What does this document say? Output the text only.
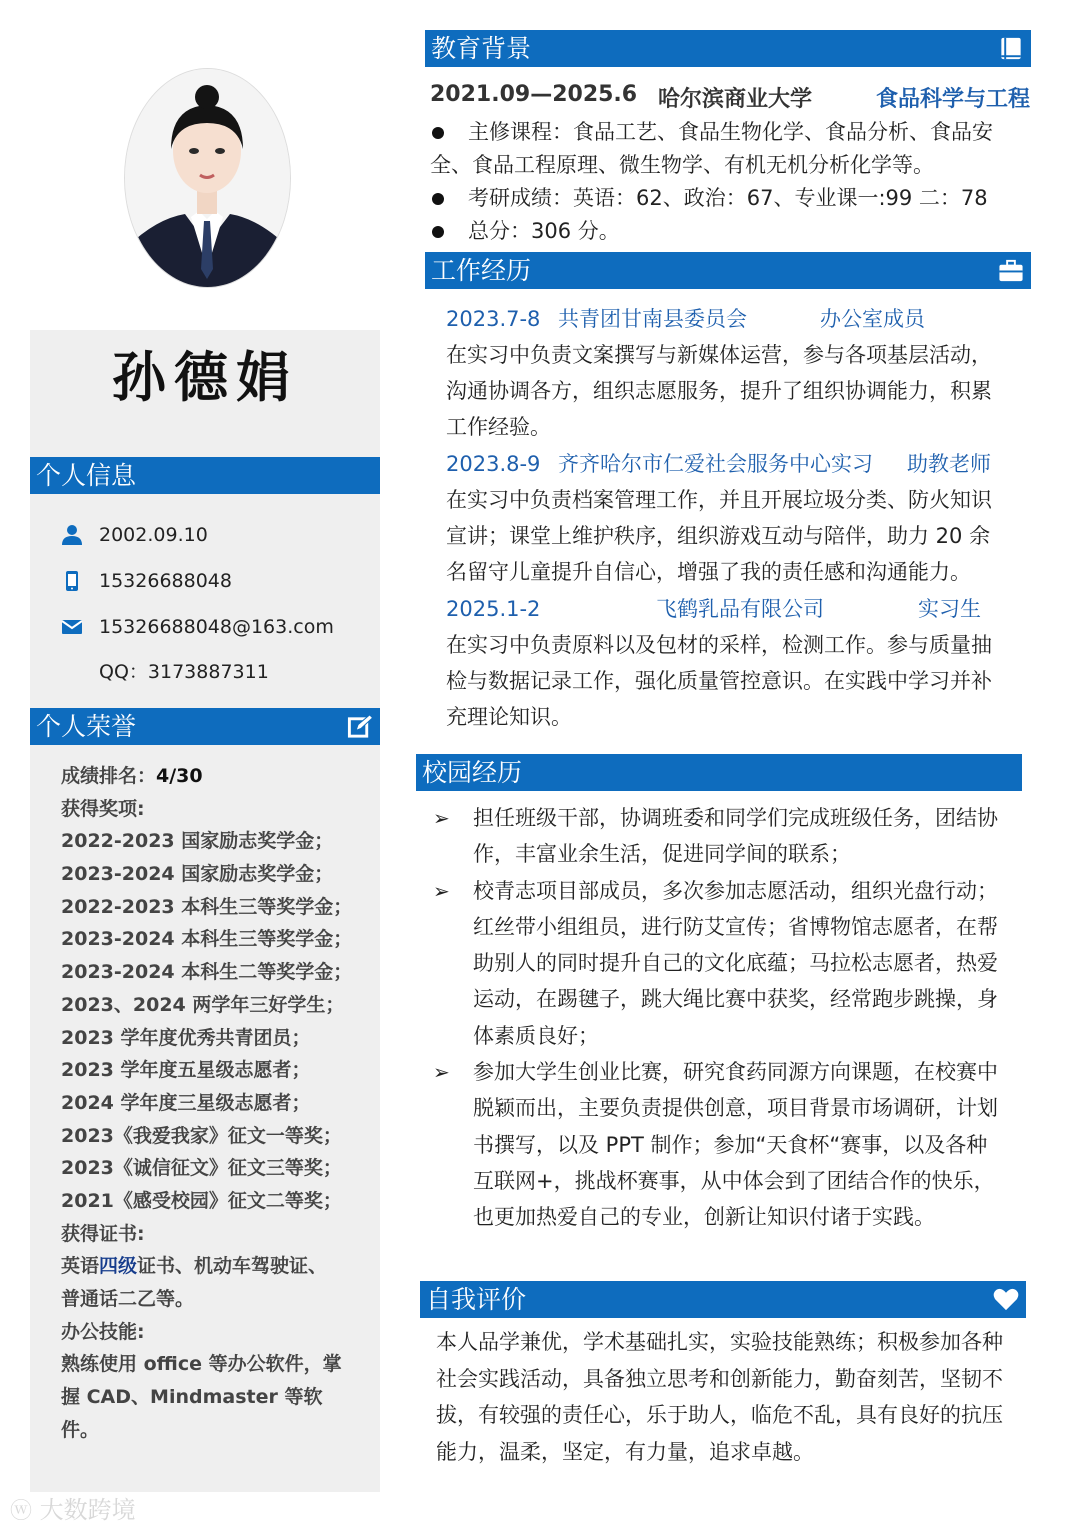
孙德娟
个人信息
2002.09.10
15326688048
15326688048@163.com
QQ：3173887311
个人荣誉
成绩排名：4/30
获得奖项:
2022-2023 国家励志奖学金；
2023-2024 国家励志奖学金；
2022-2023 本科生三等奖学金；
2023-2024 本科生三等奖学金；
2023-2024 本科生二等奖学金；
2023、2024 两学年三好学生；
2023 学年度优秀共青团员；
2023 学年度五星级志愿者；
2024 学年度三星级志愿者；
2023《我爱我家》征文一等奖；
2023《诚信征文》征文三等奖；
2021《感受校园》征文二等奖；
获得证书:
英语四级证书、机动车驾驶证、普通话二乙等。
办公技能:
熟练使用 office 等办公软件，掌握 CAD、Mindmaster 等软件。
教育背景
2021.09—2025.6 哈尔滨商业大学	食品科学与工程
主修课程：食品工艺、食品生物化学、食品分析、食品安全、食品工程原理、微生物学、有机无机分析化学等。
考研成绩：英语：62、政治：67、专业课一:99 二：78
总分：306 分。
工作经历
2023.7-8 共青团甘南县委员会	办公室成员
在实习中负责文案撰写与新媒体运营，参与各项基层活动，沟通协调各方，组织志愿服务，提升了组织协调能力，积累工作经验。
2023.8-9 齐齐哈尔市仁爱社会服务中心实习 助教老师
在实习中负责档案管理工作，并且开展垃圾分类、防火知识宣讲；课堂上维护秩序，组织游戏互动与陪伴，助力 20 余名留守儿童提升自信心，增强了我的责任感和沟通能力。
2025.1-2	飞鹤乳品有限公司	实习生
在实习中负责原料以及包材的采样，检测工作。参与质量抽检与数据记录工作，强化质量管控意识。在实践中学习并补充理论知识。
校园经历
➢ 担任班级干部，协调班委和同学们完成班级任务，团结协作，丰富业余生活，促进同学间的联系；
➢ 校青志项目部成员，多次参加志愿活动，组织光盘行动；红丝带小组组员，进行防艾宣传；省博物馆志愿者，在帮助别人的同时提升自己的文化底蕴；马拉松志愿者，热爱运动，在踢毽子，跳大绳比赛中获奖，经常跑步跳操，身体素质良好；
➢ 参加大学生创业比赛，研究食药同源方向课题，在校赛中脱颖而出，主要负责提供创意，项目背景市场调研，计划书撰写，以及 PPT 制作；参加“天食杯“赛事，以及各种互联网+，挑战杯赛事，从中体会到了团结合作的快乐，也更加热爱自己的专业，创新让知识付诸于实践。
自我评价
本人品学兼优，学术基础扎实，实验技能熟练；积极参加各种社会实践活动，具备独立思考和创新能力，勤奋刻苦，坚韧不拔，有较强的责任心，乐于助人，临危不乱，具有良好的抗压能力，温柔，坚定，有力量，追求卓越。
ⓦ 大数跨境
